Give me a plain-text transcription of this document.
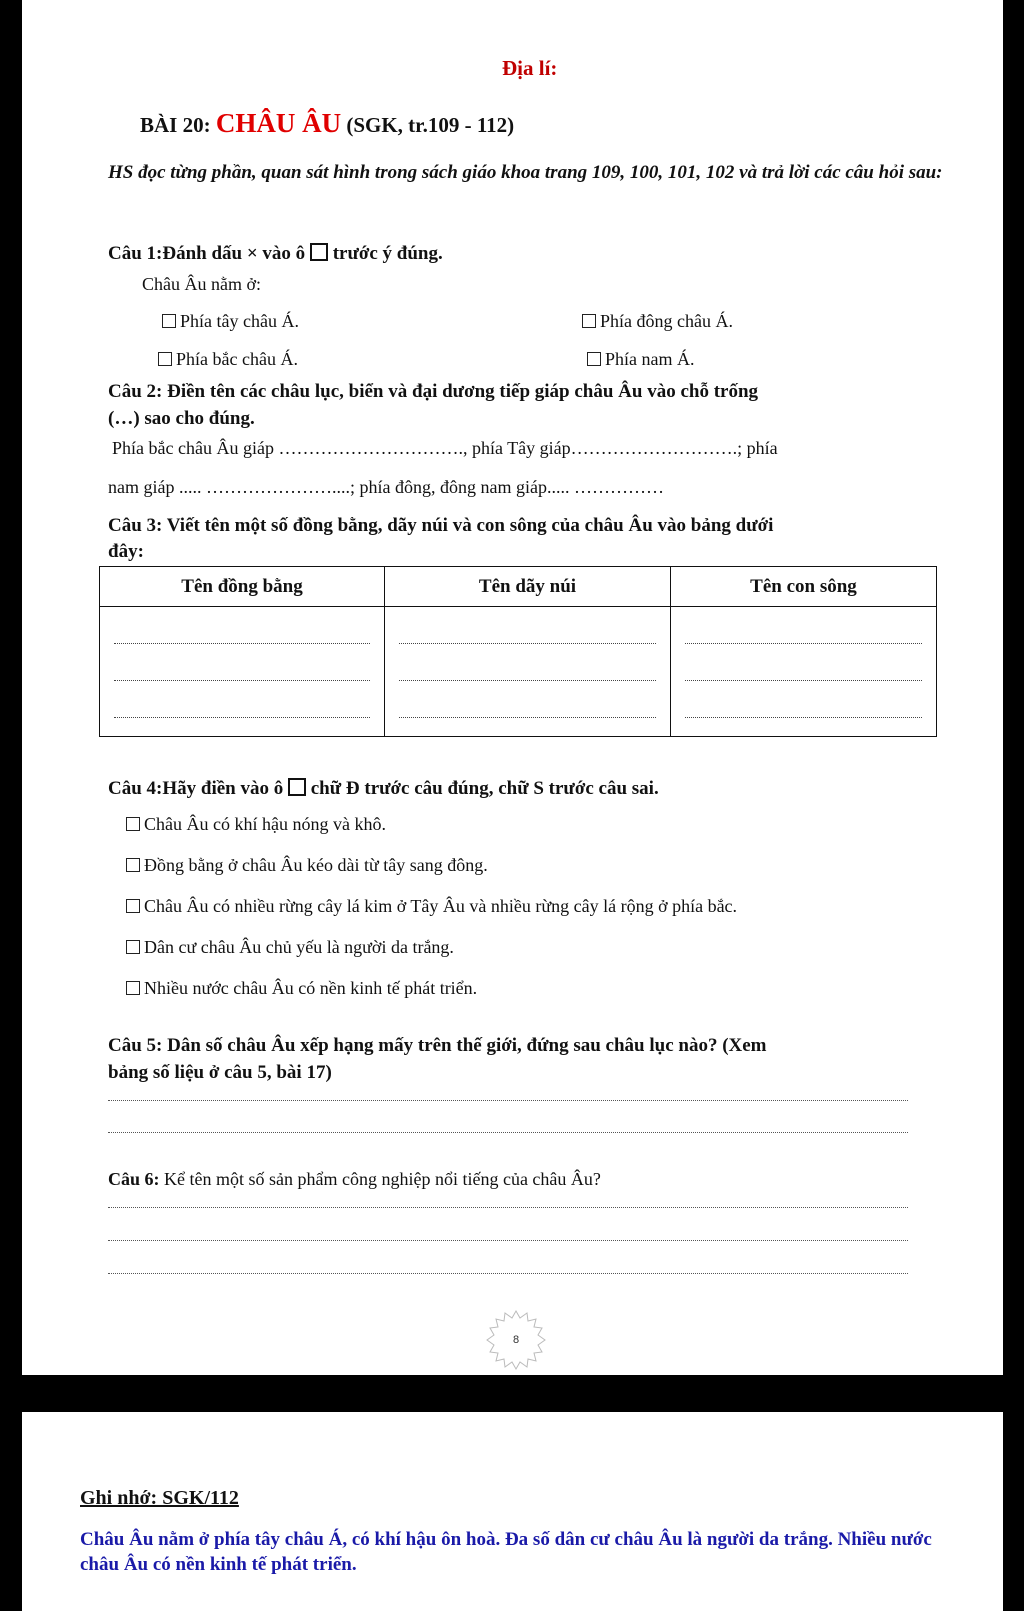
Địa lí:
BÀI 20: CHÂU ÂU (SGK, tr.109 - 112)
HS đọc từng phần, quan sát hình trong sách giáo khoa trang 109, 100, 101, 102 và trả lời các câu hỏi sau:
Câu 1:Đánh dấu × vào ô  trước ý đúng.
Châu Âu nằm ở:
Phía tây châu Á.	Phía đông châu Á.
Phía bắc châu Á.	Phía nam Á.
Câu 2: Điền tên các châu lục, biển và đại dương tiếp giáp châu Âu vào chỗ trống
(…) sao cho đúng.
Phía bắc châu Âu giáp …………………………., phía Tây giáp……………………….; phía
nam giáp ..... …………………....; phía đông, đông nam giáp..... ……………
Câu 3: Viết tên một số đồng bằng, dãy núi và con sông của châu Âu vào bảng dưới
đây:
Tên đồng bằng	Tên dãy núi	Tên con sông

Câu 4:Hãy điền vào ô  chữ Đ trước câu đúng, chữ S trước câu sai.
Châu Âu có khí hậu nóng và khô.
Đồng bằng ở châu Âu kéo dài từ tây sang đông.
Châu Âu có nhiều rừng cây lá kim ở Tây Âu và nhiều rừng cây lá rộng ở phía bắc.
Dân cư châu Âu chủ yếu là người da trắng.
Nhiều nước châu Âu có nền kinh tế phát triển.
Câu 5: Dân số châu Âu xếp hạng mấy trên thế giới, đứng sau châu lục nào? (Xem
bảng số liệu ở câu 5, bài 17)
Câu 6: Kể tên một số sản phẩm công nghiệp nổi tiếng của châu Âu?
8
Ghi nhớ: SGK/112
Châu Âu nằm ở phía tây châu Á, có khí hậu ôn hoà. Đa số dân cư châu Âu là người da trắng. Nhiều nước châu Âu có nền kinh tế phát triển.
